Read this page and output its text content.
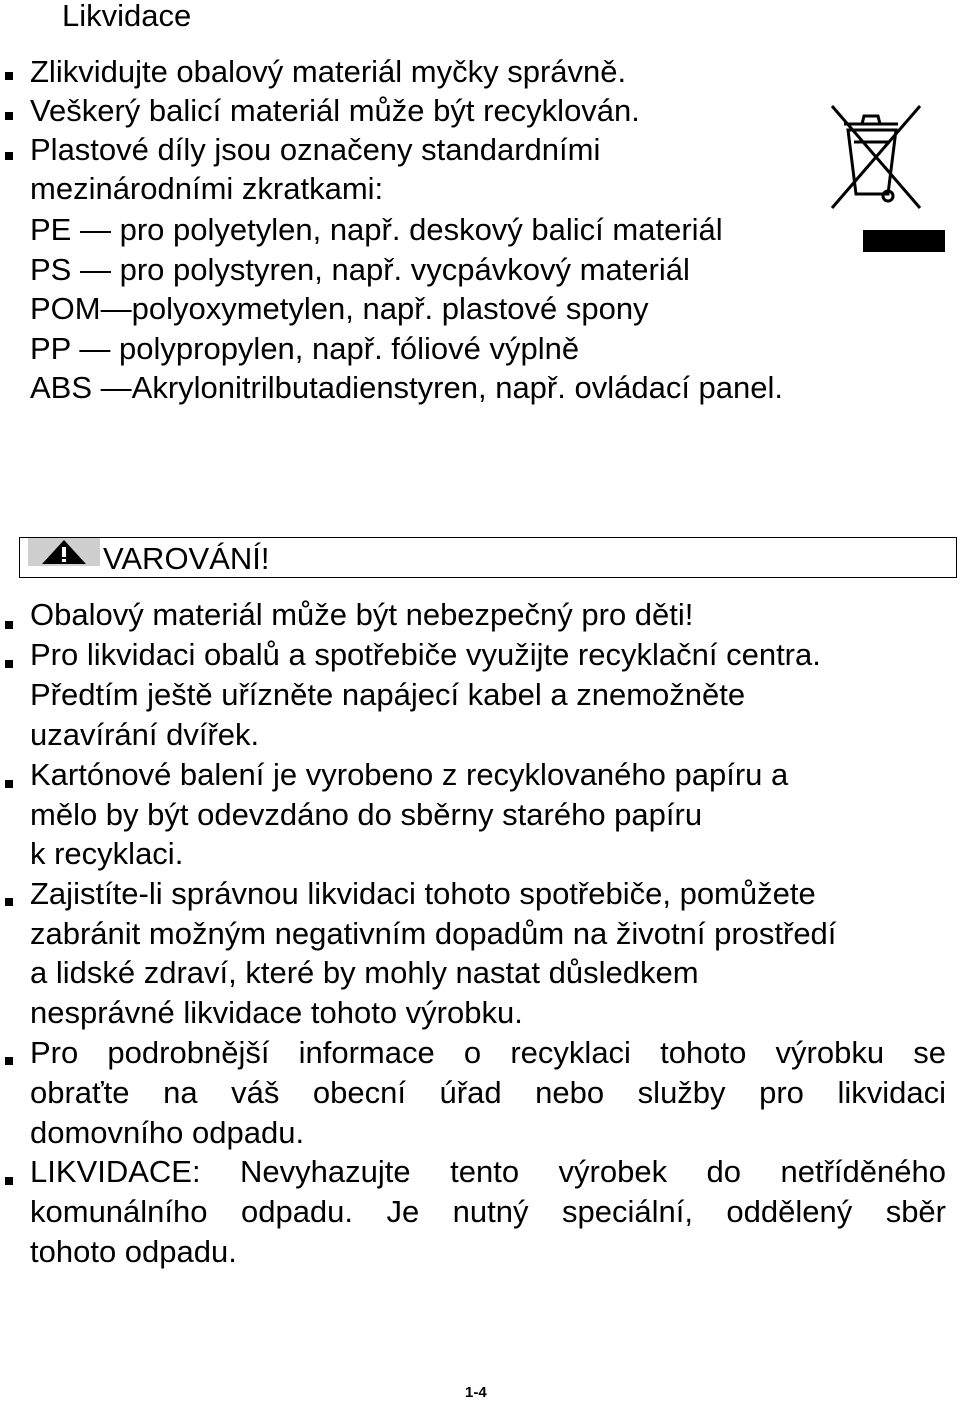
Likvidace
Zlikvidujte obalový materiál myčky správně.
Veškerý balicí materiál může být recyklován.
Plastové díly jsou označeny standardními
mezinárodními zkratkami:
PE — pro polyetylen, např. deskový balicí materiál
PS — pro polystyren, např. vycpávkový materiál
POM—polyoxymetylen, např. plastové spony
PP — polypropylen, např. fóliové výplně
ABS —Akrylonitrilbutadienstyren, např. ovládací panel.
VAROVÁNÍ!
Obalový materiál může být nebezpečný pro děti!
Pro likvidaci obalů a spotřebiče využijte recyklační centra.
Předtím ještě uřízněte napájecí kabel a znemožněte
uzavírání dvířek.
Kartónové balení je vyrobeno z recyklovaného papíru a
mělo by být odevzdáno do sběrny starého papíru
k recyklaci.
Zajistíte-li správnou likvidaci tohoto spotřebiče, pomůžete
zabránit možným negativním dopadům na životní prostředí
a lidské zdraví, které by mohly nastat důsledkem
nesprávné likvidace tohoto výrobku.
Pro podrobnější informace o recyklaci tohoto výrobku se
obraťte na váš obecní úřad nebo služby pro likvidaci
domovního odpadu.
LIKVIDACE: Nevyhazujte tento výrobek do netříděného
komunálního odpadu. Je nutný speciální, oddělený sběr
tohoto odpadu.
1-4
